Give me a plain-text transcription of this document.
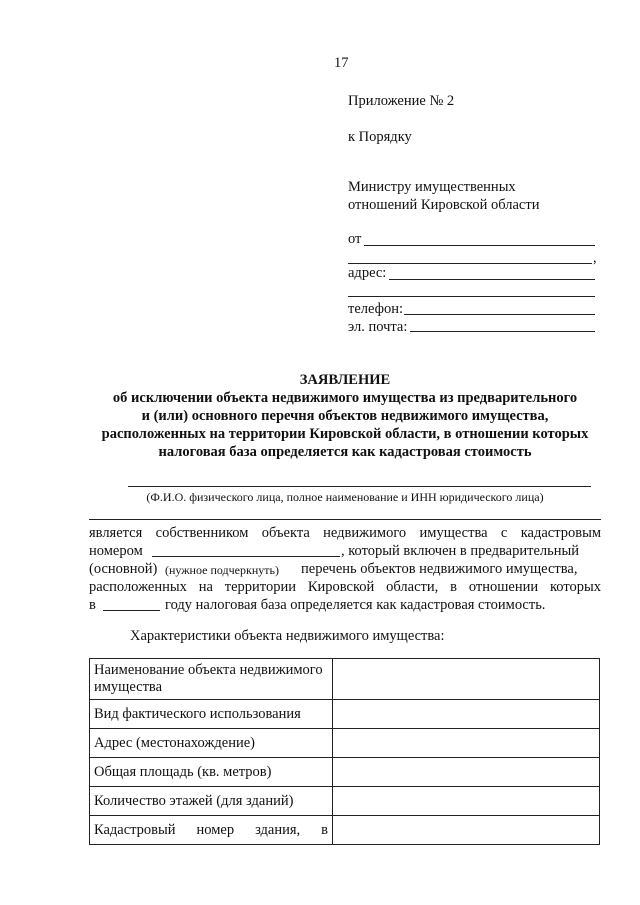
17
Приложение № 2
к Порядку
Министру имущественных
отношений Кировской области
от
,
адрес:
телефон:
эл. почта:
ЗАЯВЛЕНИЕ
об исключении объекта недвижимого имущества из предварительного
и (или) основного перечня объектов недвижимого имущества,
расположенных на территории Кировской области, в отношении которых
налоговая база определяется как кадастровая стоимость
(Ф.И.О. физического лица, полное наименование и ИНН юридического лица)
является собственником объекта недвижимого имущества с кадастровым
номером	, который включен в предварительный
(основной) (нужное подчеркнуть) перечень объектов недвижимого имущества,
расположенных на территории Кировской области, в отношении которых
в	году налоговая база определяется как кадастровая стоимость.
Характеристики объекта недвижимого имущества:
Наименование объекта недвижимого имущества	
Вид фактического использования	
Адрес (местонахождение)	
Общая площадь (кв. метров)	
Количество этажей (для зданий)	
Кадастровый номер здания, в	
